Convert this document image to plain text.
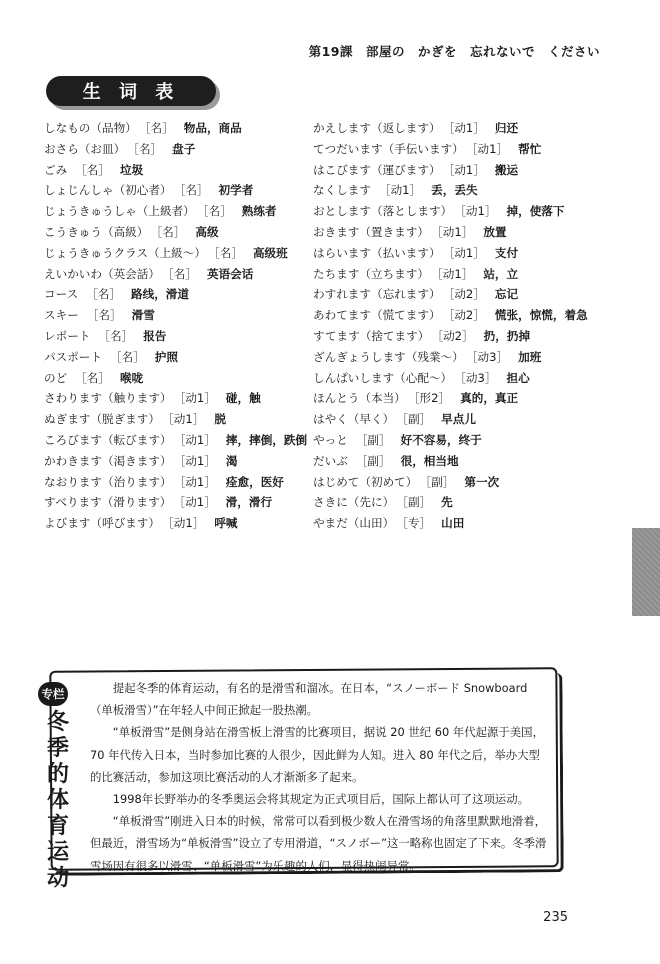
第19課　部屋の　かぎを　忘れないで　ください
生 词 表
しなもの（品物） ［名］ 物品，商品
おさら（お皿） ［名］ 盘子
ごみ ［名］ 垃圾
しょじんしゃ（初心者） ［名］ 初学者
じょうきゅうしゃ（上級者） ［名］ 熟练者
こうきゅう（高級） ［名］ 高级
じょうきゅうクラス（上級～） ［名］ 高级班
えいかいわ（英会話） ［名］ 英语会话
コース ［名］ 路线，滑道
スキー ［名］ 滑雪
レポート ［名］ 报告
パスポート ［名］ 护照
のど ［名］ 喉咙
さわります（触ります） ［动1］ 碰，触
ぬぎます（脱ぎます） ［动1］ 脱
ころびます（転びます） ［动1］ 摔，摔倒，跌倒
かわきます（渇きます） ［动1］ 渴
なおります（治ります） ［动1］ 痊愈，医好
すべります（滑ります） ［动1］ 滑，滑行
よびます（呼びます） ［动1］ 呼喊
かえします（返します） ［动1］ 归还
てつだいます（手伝います） ［动1］ 帮忙
はこびます（運びます） ［动1］ 搬运
なくします ［动1］ 丢，丢失
おとします（落とします） ［动1］ 掉，使落下
おきます（置きます） ［动1］ 放置
はらいます（払います） ［动1］ 支付
たちます（立ちます） ［动1］ 站，立
わすれます（忘れます） ［动2］ 忘记
あわてます（慌てます） ［动2］ 慌张，惊慌，着急
すてます（捨てます） ［动2］ 扔，扔掉
ざんぎょうします（残業～） ［动3］ 加班
しんぱいします（心配～） ［动3］ 担心
ほんとう（本当） ［形2］ 真的，真正
はやく（早く） ［副］ 早点儿
やっと ［副］ 好不容易，终于
だいぶ ［副］ 很，相当地
はじめて（初めて） ［副］ 第一次
さきに（先に） ［副］ 先
やまだ（山田） ［专］ 山田
专栏
冬季的体育运动

提起冬季的体育运动，有名的是滑雪和溜冰。在日本，“スノーボード Snowboard（单板滑雪）”在年轻人中间正掀起一股热潮。

“单板滑雪”是侧身站在滑雪板上滑雪的比赛项目，据说 20 世纪 60 年代起源于美国，70 年代传入日本，当时参加比赛的人很少，因此鲜为人知。进入 80 年代之后，举办大型的比赛活动，参加这项比赛活动的人才渐渐多了起来。

1998年长野举办的冬季奥运会将其规定为正式项目后，国际上都认可了这项运动。

“单板滑雪”刚进入日本的时候，常常可以看到极少数人在滑雪场的角落里默默地滑着，但最近，滑雪场为“单板滑雪”设立了专用滑道，“スノボー”这一略称也固定了下来。冬季滑雪场因有很多以滑雪、“单板滑雪”为乐趣的人们，显得热闹异常。

235
